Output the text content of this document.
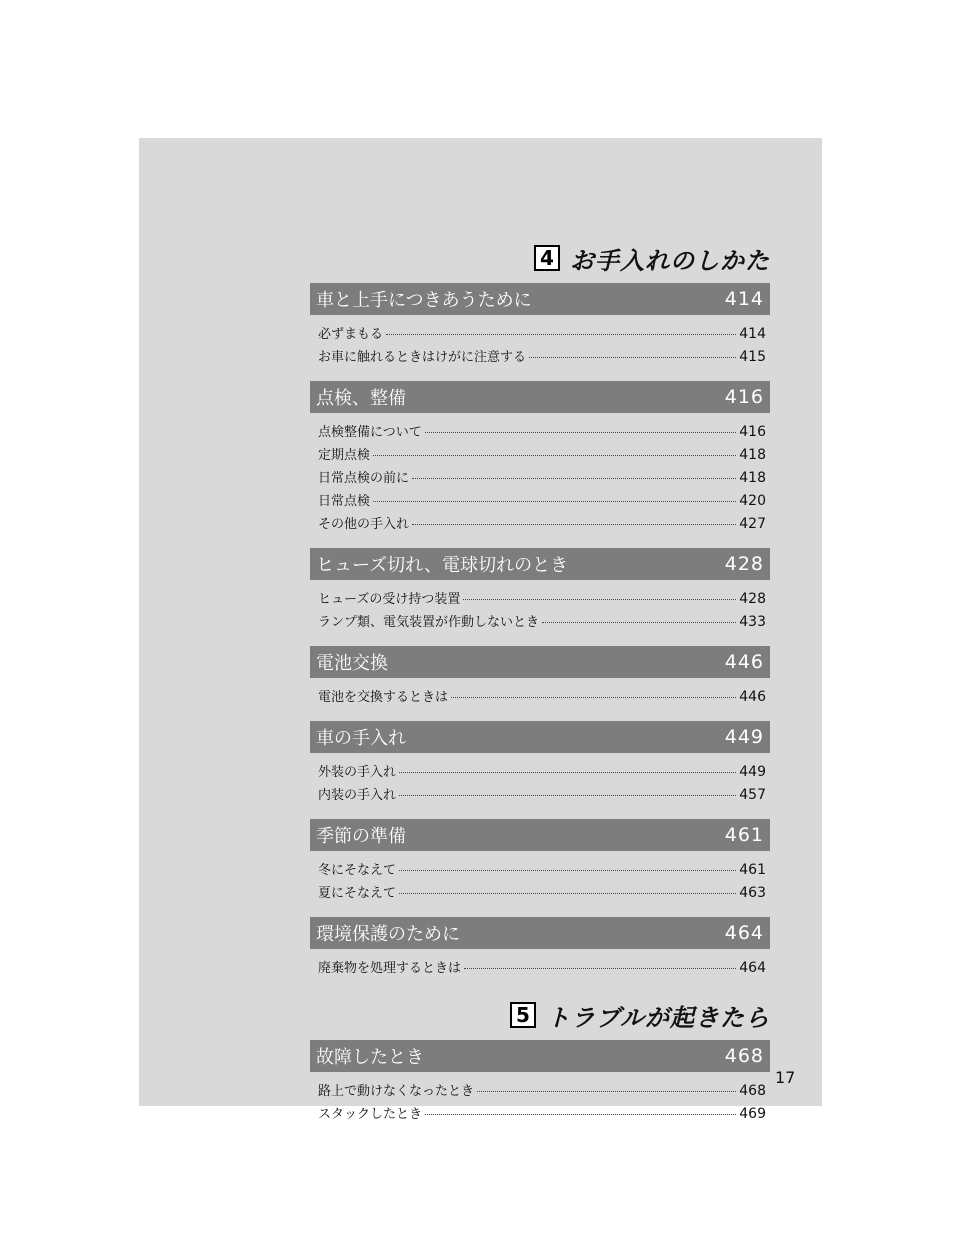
4 お手入れのしかた
車と上手につきあうために	414
必ずまもる	414
お車に触れるときはけがに注意する	415
点検、整備	416
点検整備について	416
定期点検	418
日常点検の前に	418
日常点検	420
その他の手入れ	427
ヒューズ切れ、電球切れのとき	428
ヒューズの受け持つ装置	428
ランプ類、電気装置が作動しないとき	433
電池交換	446
電池を交換するときは	446
車の手入れ	449
外装の手入れ	449
内装の手入れ	457
季節の準備	461
冬にそなえて	461
夏にそなえて	463
環境保護のために	464
廃棄物を処理するときは	464
5 トラブルが起きたら
故障したとき	468
路上で動けなくなったとき	468
スタックしたとき	469
17
